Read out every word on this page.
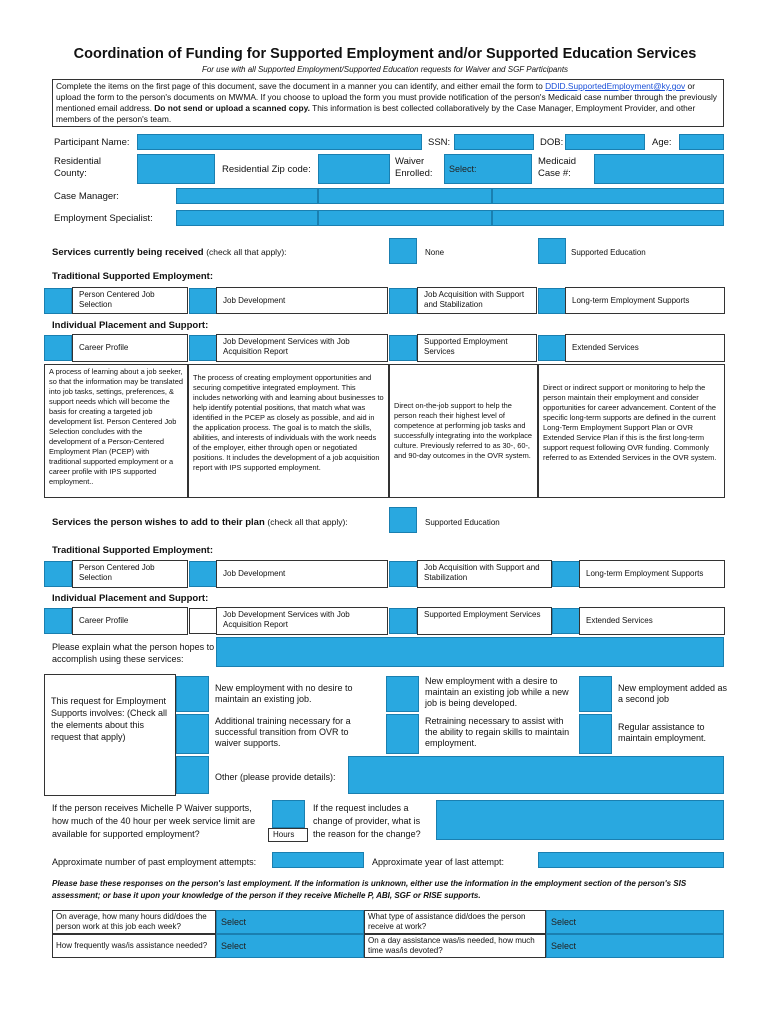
Coordination of Funding for Supported Employment and/or Supported Education Services
For use with all Supported Employment/Supported Education requests for Waiver and SGF Participants
Complete the items on the first page of this document, save the document in a manner you can identify, and either email the form to DDID.SupportedEmployment@ky.gov or upload the form to the person's documents on MWMA. If you choose to upload the form you must provide notification of the person's Medicaid case number through the previously mentioned email address. Do not send or upload a scanned copy. This information is best collected collaboratively by the Case Manager, Employment Provider, and other members of the person's team.
Participant Name:	SSN:	DOB:	Age:
Residential County:	Residential Zip code:
Waiver Enrolled:	Select:
Medicaid Case #:
Case Manager:
Employment Specialist:
Services currently being received (check all that apply):	None	Supported Education
Traditional Supported Employment:
Person Centered Job Selection	Job Development
Job Acquisition with Support and Stabilization	Long-term Employment Supports
Individual Placement and Support:
Career Profile
Job Development Services with Job Acquisition Report
Supported Employment Services	Extended Services
A process of learning about a job seeker, so that the information may be translated into job tasks, settings, preferences, & support needs which will become the basis for creating a targeted job development list. Person Centered Job Selection concludes with the development of a Person-Centered Employment Plan (PCEP) with traditional supported employment or a career profile with IPS supported employment..
The process of creating employment opportunities and securing competitive integrated employment. This includes networking with and learning about businesses to help identify potential positions, that match what was identified in the PCEP as closely as possible, and aid in the application process. The goal is to match the skills, abilities, and interests of individuals with the work needs of the employer, either through open or negotiated positions. It includes the development of a job acquisition report with IPS supported employment.
Direct on-the-job support to help the person reach their highest level of competence at performing job tasks and successfully integrating into the workplace culture. Previously referred to as 30-, 60-, and 90-day outcomes in the OVR system.
Direct or indirect support or monitoring to help the person maintain their employment and consider opportunities for career advancement. Content of the specific long-term supports are defined in the current Long-Term Employment Support Plan or OVR Extended Service Plan if this is the first long-term support request following OVR funding. Commonly referred to as Extended Services in the OVR system.
Services the person wishes to add to their plan (check all that apply):	Supported Education
Traditional Supported Employment:
Person Centered Job Selection	Job Development
Job Acquisition with Support and Stabilization	Long-term Employment Supports
Individual Placement and Support:
Career Profile
Job Development Services with Job Acquisition Report
Supported Employment Services
Extended Services
Please explain what the person hopes to accomplish using these services:
This request for Employment Supports involves: (Check all the elements about this request that apply)
New employment with no desire to maintain an existing job.
Additional training necessary for a successful transition from OVR to waiver supports.
New employment with a desire to maintain an existing job while a new job is being developed.
Retraining necessary to assist with the ability to regain skills to maintain employment.
New employment added as a second job
Regular assistance to maintain employment.
Other (please provide details):
If the person receives Michelle P Waiver supports, how much of the 40 hour per week service limit are available for supported employment?	Hours
If the request includes a change of provider, what is the reason for the change?
Approximate number of past employment attempts:	Approximate year of last attempt:
Please base these responses on the person's last employment. If the information is unknown, either use the information in the employment section of the person's SIS assessment; or base it upon your knowledge of the person if they receive Michelle P, ABI, SGF or RISE supports.
On average, how many hours did/does the person work at this job each week?	Select
What type of assistance did/does the person receive at work?	Select
How frequently was/is assistance needed?	Select
On a day assistance was/is needed, how much time was/is devoted?	Select
